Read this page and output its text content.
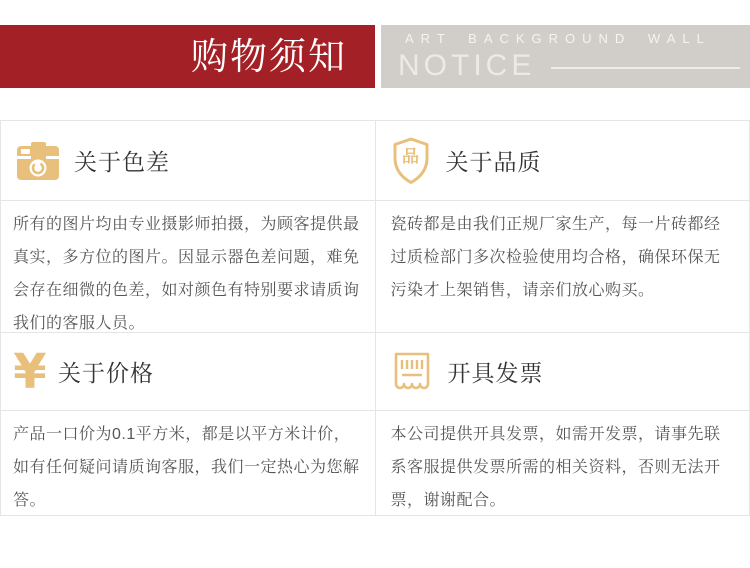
购物须知	ART BACKGROUND WALL
NOTICE
关于色差
所有的图片均由专业摄影师拍摄，为顾客提供最真实，多方位的图片。因显示器色差问题，难免会存在细微的色差，如对颜色有特别要求请质询我们的客服人员。
¥ 关于价格
产品一口价为0.1平方米，都是以平方米计价，如有任何疑问请质询客服，我们一定热心为您解答。
品	关于品质
瓷砖都是由我们正规厂家生产，每一片砖都经过质检部门多次检验使用均合格，确保环保无污染才上架销售，请亲们放心购买。
开具发票
本公司提供开具发票，如需开发票，请事先联系客服提供发票所需的相关资料，否则无法开票，谢谢配合。
